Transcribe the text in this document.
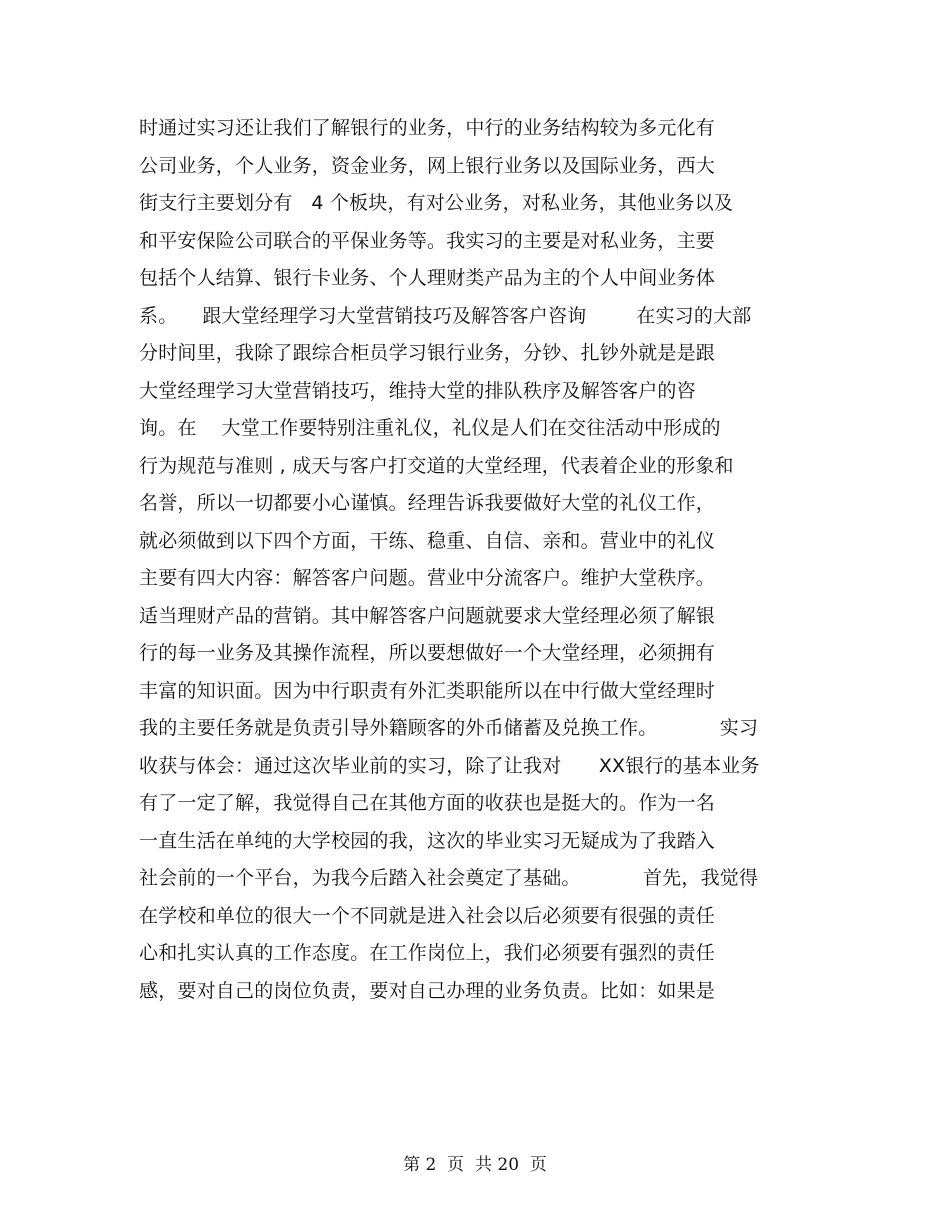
时通过实习还让我们了解银行的业务，中行的业务结构较为多元化有
公司业务，个人业务，资金业务，网上银行业务以及国际业务，西大
街支行主要划分有   4 个板块，有对公业务，对私业务，其他业务以及
和平安保险公司联合的平保业务等。我实习的主要是对私业务，主要
包括个人结算、银行卡业务、个人理财类产品为主的个人中间业务体
系。    跟大堂经理学习大堂营销技巧及解答客户咨询        在实习的大部
分时间里，我除了跟综合柜员学习银行业务，分钞、扎钞外就是是跟
大堂经理学习大堂营销技巧，维持大堂的排队秩序及解答客户的咨
询。在    大堂工作要特别注重礼仪，礼仪是人们在交往活动中形成的
行为规范与准则 , 成天与客户打交道的大堂经理，代表着企业的形象和
名誉，所以一切都要小心谨慎。经理告诉我要做好大堂的礼仪工作，
就必须做到以下四个方面，干练、稳重、自信、亲和。营业中的礼仪
主要有四大内容：解答客户问题。营业中分流客户。维护大堂秩序。
适当理财产品的营销。其中解答客户问题就要求大堂经理必须了解银
行的每一业务及其操作流程，所以要想做好一个大堂经理，必须拥有
丰富的知识面。因为中行职责有外汇类职能所以在中行做大堂经理时
我的主要任务就是负责引导外籍顾客的外币储蓄及兑换工作。          实习
收获与体会：通过这次毕业前的实习，除了让我对      XX银行的基本业务
有了一定了解，我觉得自己在其他方面的收获也是挺大的。作为一名
一直生活在单纯的大学校园的我，这次的毕业实习无疑成为了我踏入
社会前的一个平台，为我今后踏入社会奠定了基础。          首先，我觉得
在学校和单位的很大一个不同就是进入社会以后必须要有很强的责任
心和扎实认真的工作态度。在工作岗位上，我们必须要有强烈的责任
感，要对自己的岗位负责，要对自己办理的业务负责。比如：如果是
第 2  页  共 20  页
